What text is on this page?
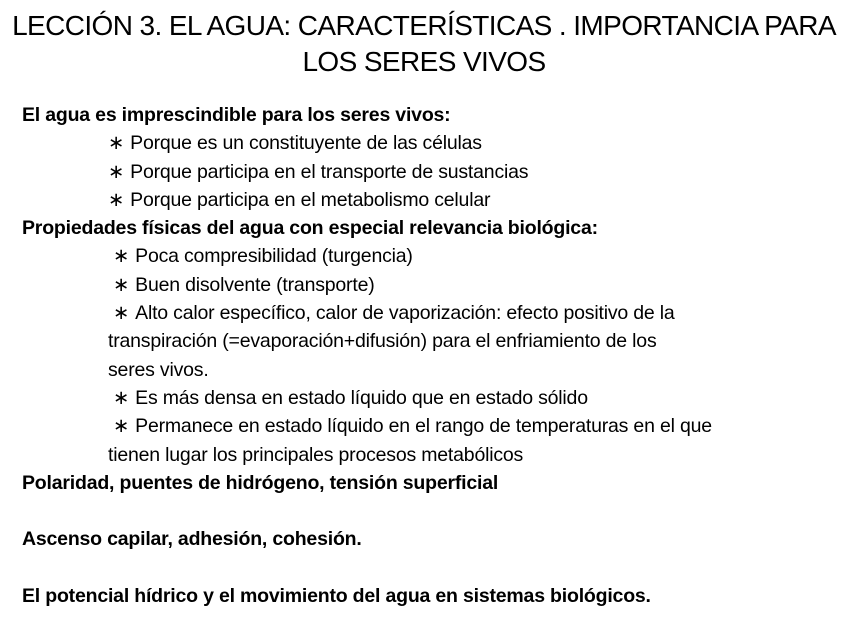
LECCIÓN 3. EL AGUA: CARACTERÍSTICAS . IMPORTANCIA PARA
LOS SERES VIVOS
El agua es imprescindible para los seres vivos:
∗ Porque es un constituyente de las células
∗ Porque participa en el transporte de sustancias
∗ Porque participa en el metabolismo celular
Propiedades físicas del agua con especial relevancia biológica:
∗ Poca compresibilidad (turgencia)
∗ Buen disolvente (transporte)
∗ Alto calor específico, calor de vaporización: efecto positivo de la
transpiración (=evaporación+difusión) para el enfriamiento de los
seres vivos.
∗ Es más densa en estado líquido que en estado sólido
∗ Permanece en estado líquido en el rango de temperaturas en el que
tienen lugar los principales procesos metabólicos
Polaridad, puentes de hidrógeno, tensión superficial
Ascenso capilar, adhesión, cohesión.
El potencial hídrico y el movimiento del agua en sistemas biológicos.
